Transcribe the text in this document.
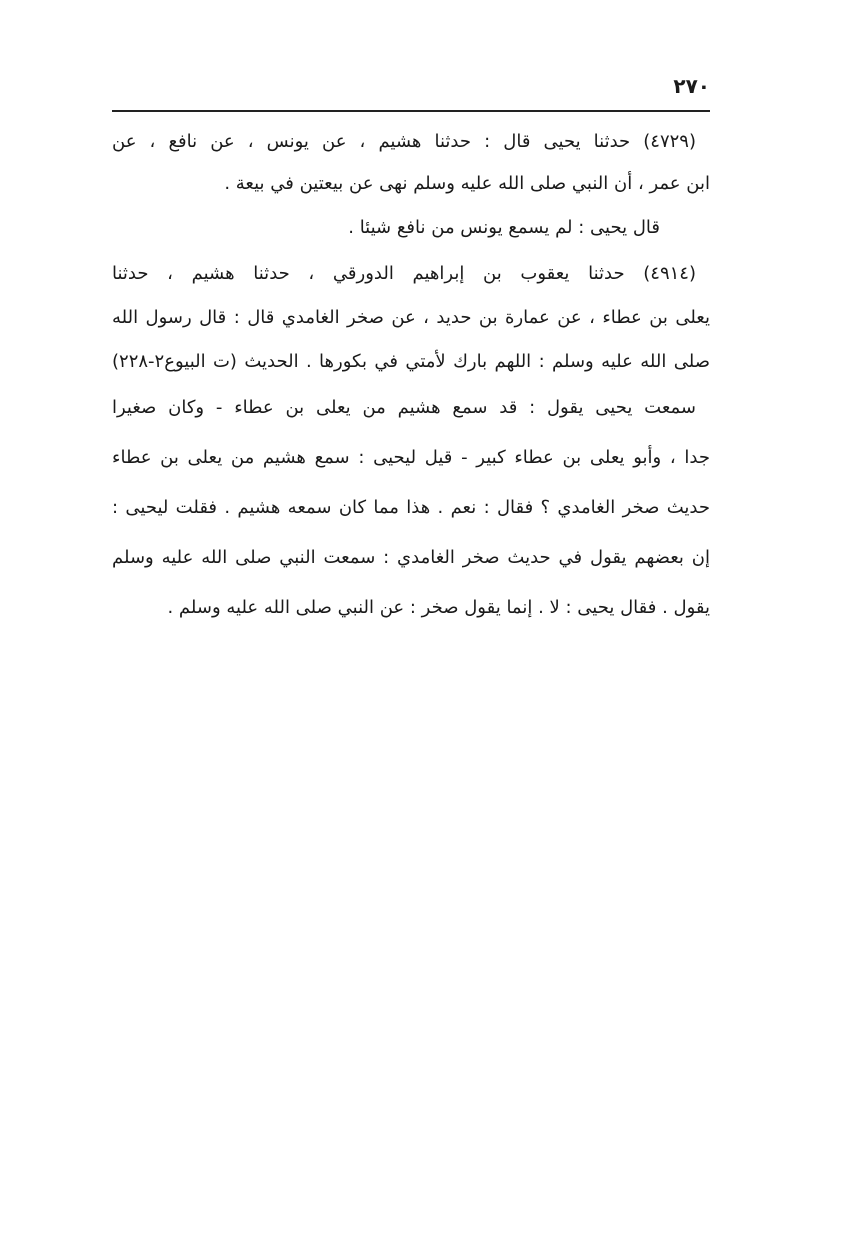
٢٧٠
(٤٧٢٩) حدثنا يحيى قال : حدثنا هشيم ، عن يونس ، عن نافع ، عن
ابن عمر ، أن النبي صلى الله عليه وسلم نهى عن بيعتين في بيعة .
قال يحيى : لم يسمع يونس من نافع شيئا .
(٤٩١٤) حدثنا يعقوب بن إبراهيم الدورقي ، حدثنا هشيم ، حدثنا
يعلى بن عطاء ، عن عمارة بن حديد ، عن صخر الغامدي قال : قال رسول الله
صلى الله عليه وسلم : اللهم بارك لأمتي في بكورها . الحديث (ت البيوع٢-٢٢٨)
سمعت يحيى يقول : قد سمع هشيم من يعلى بن عطاء - وكان صغيرا
جدا ، وأبو يعلى بن عطاء كبير - قيل ليحيى : سمع هشيم من يعلى بن عطاء
حديث صخر الغامدي ؟ فقال : نعم . هذا مما كان سمعه هشيم . فقلت ليحيى :
إن بعضهم يقول في حديث صخر الغامدي : سمعت النبي صلى الله عليه وسلم
يقول . فقال يحيى : لا . إنما يقول صخر : عن النبي صلى الله عليه وسلم .
